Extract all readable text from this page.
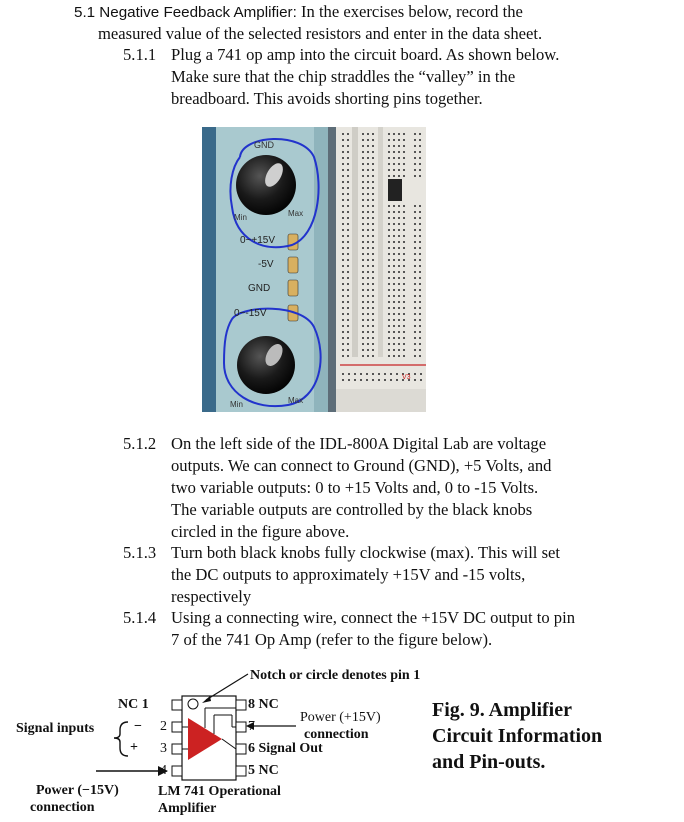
5.1 Negative Feedback Amplifier: In the exercises below, record the
measured value of the selected resistors and enter in the data sheet.
5.1.1 Plug a 741 op amp into the circuit board. As shown below.
Make sure that the chip straddles the “valley” in the
breadboard. This avoids shorting pins together.
GND
Min	Max
0~+15V
-5V
GND
0~-15V
Min	Max
V3
5.1.2 On the left side of the IDL-800A Digital Lab are voltage
outputs. We can connect to Ground (GND), +5 Volts, and
two variable outputs: 0 to +15 Volts and, 0 to -15 Volts.
The variable outputs are controlled by the black knobs
circled in the figure above.
5.1.3 Turn both black knobs fully clockwise (max). This will set
the DC outputs to approximately +15V and -15 volts,
respectively
5.1.4 Using a connecting wire, connect the +15V DC output to pin
7 of the 741 Op Amp (refer to the figure below).
Notch or circle denotes pin 1
NC 1
2
3
4
−
+
8 NC
7
6 Signal Out
5 NC
Signal inputs
Power (+15V)
connection
Power (−15V)
connection
LM 741 Operational
Amplifier
Fig. 9. Amplifier
Circuit Information
and Pin-outs.
